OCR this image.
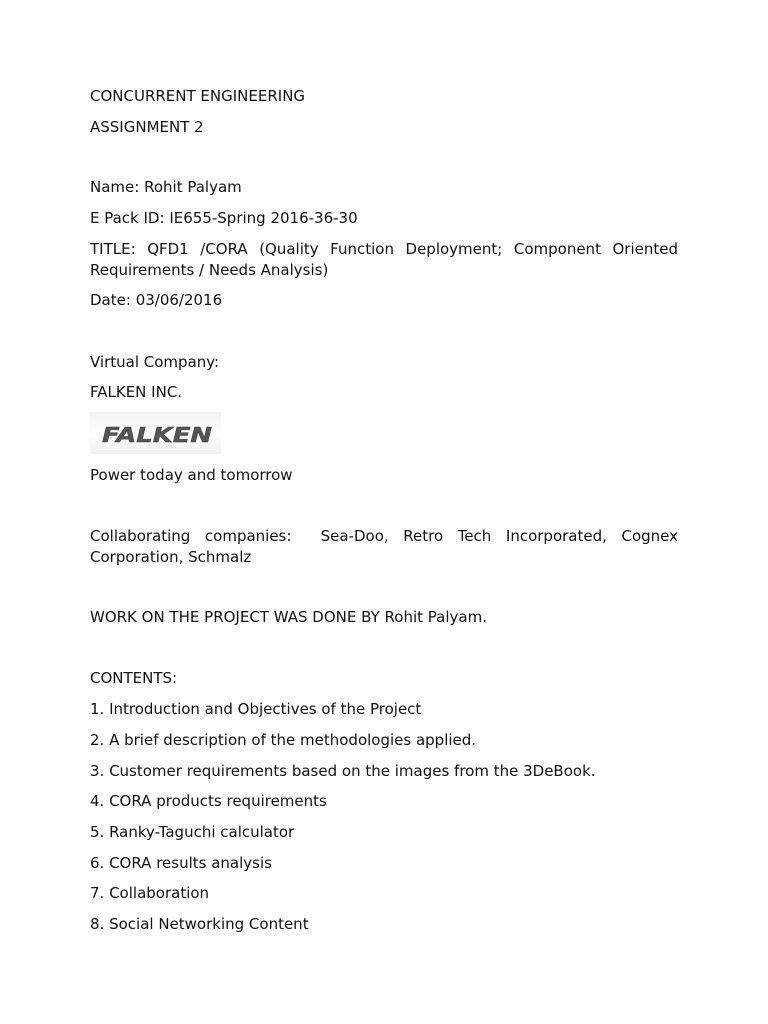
CONCURRENT ENGINEERING
ASSIGNMENT 2
Name: Rohit Palyam
E Pack ID: IE655-Spring 2016-36-30
TITLE: QFD1 /CORA (Quality Function Deployment; Component Oriented Requirements / Needs Analysis)
Date: 03/06/2016
Virtual Company:
FALKEN INC.
FALKEN
Power today and tomorrow
Collaborating companies: Sea-Doo, Retro Tech Incorporated, Cognex Corporation, Schmalz
WORK ON THE PROJECT WAS DONE BY Rohit Palyam.
CONTENTS:
1. Introduction and Objectives of the Project
2. A brief description of the methodologies applied.
3. Customer requirements based on the images from the 3DeBook.
4. CORA products requirements
5. Ranky-Taguchi calculator
6. CORA results analysis
7. Collaboration
8. Social Networking Content
